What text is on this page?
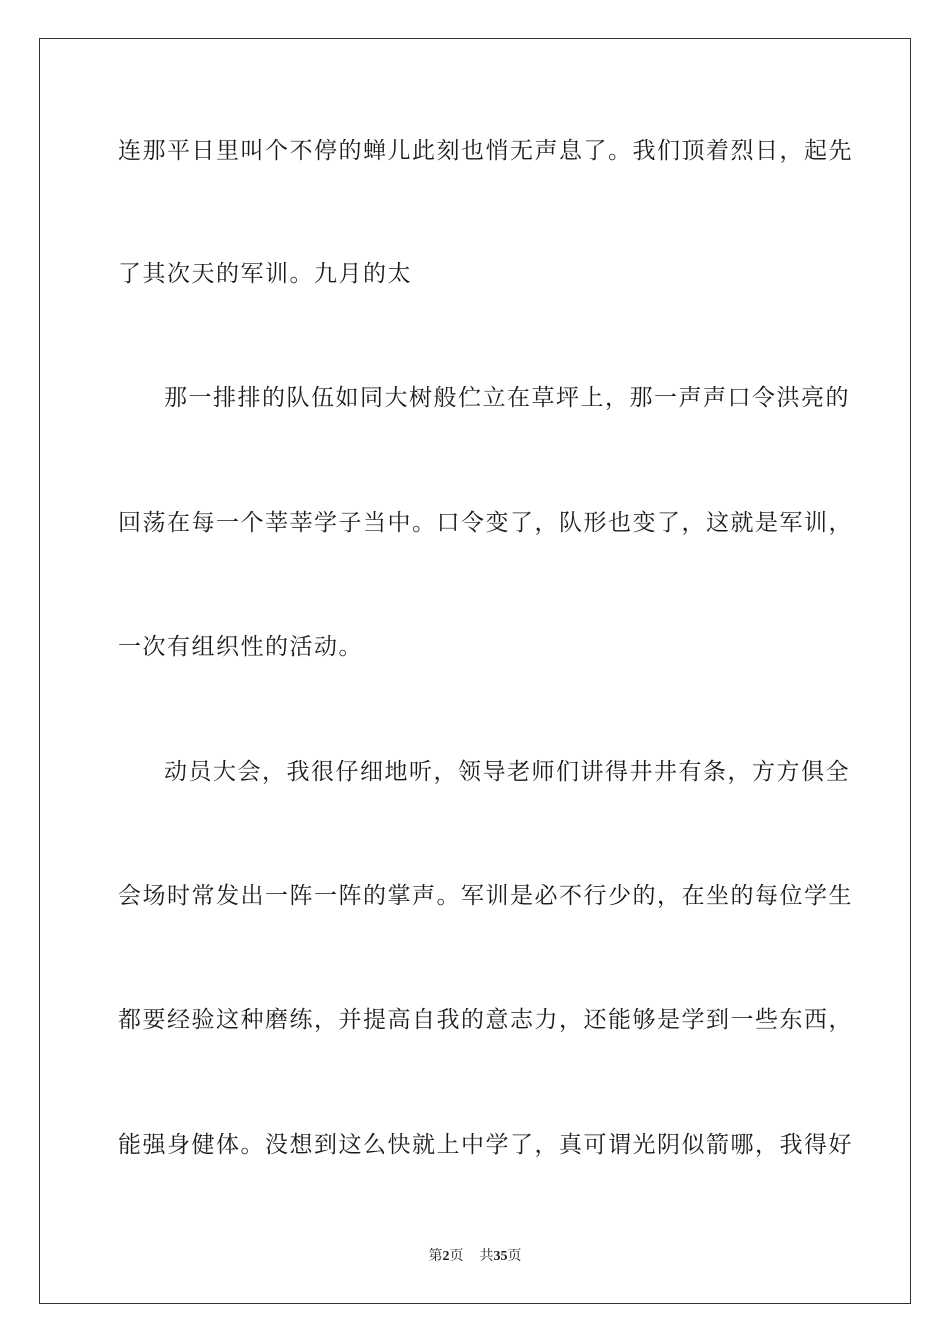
连那平日里叫个不停的蝉儿此刻也悄无声息了。我们顶着烈日，起先
了其次天的军训。九月的太
那一排排的队伍如同大树般伫立在草坪上，那一声声口令洪亮的
回荡在每一个莘莘学子当中。口令变了，队形也变了，这就是军训，
一次有组织性的活动。
动员大会，我很仔细地听，领导老师们讲得井井有条，方方俱全
会场时常发出一阵一阵的掌声。军训是必不行少的，在坐的每位学生
都要经验这种磨练，并提高自我的意志力，还能够是学到一些东西，
能强身健体。没想到这么快就上中学了，真可谓光阴似箭哪，我得好
第2页 共35页
